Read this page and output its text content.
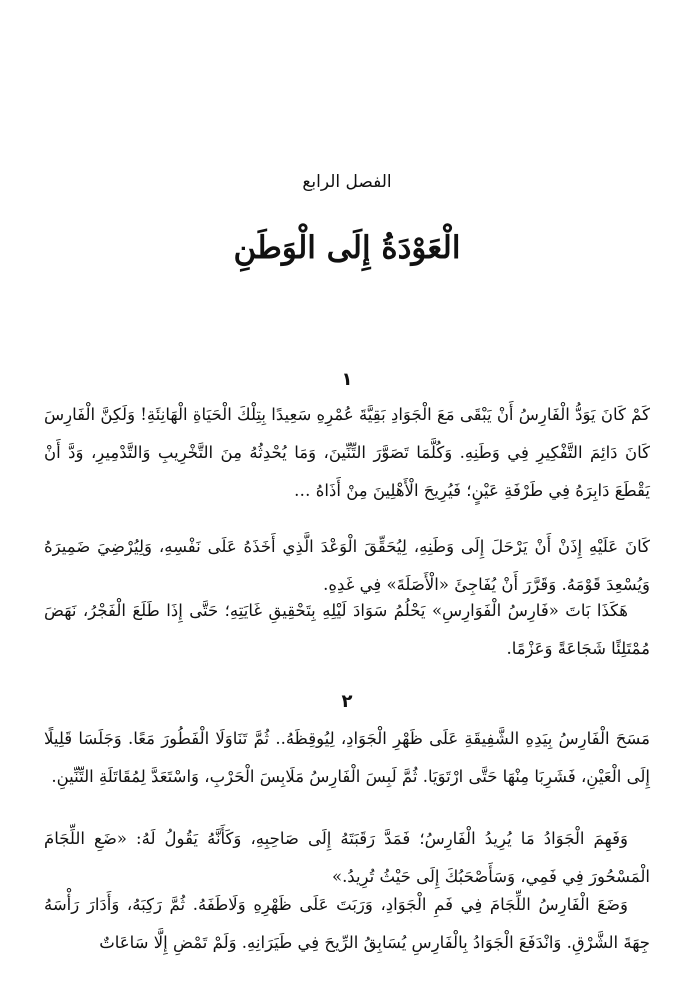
الفصل الرابع
الْعَوْدَةُ إِلَى الْوَطَنِ
١

كَمْ كَانَ يَوَدُّ الْفَارِسُ أَنْ يَبْقَى مَعَ الْجَوَادِ بَقِيَّةَ عُمْرِهِ سَعِيدًا بِتِلْكَ الْحَيَاةِ الْهَانِئَةِ! وَلَكِنَّ الْفَارِسَ كَانَ دَائِمَ التَّفْكِيرِ فِي وَطَنِهِ. وَكُلَّمَا تَصَوَّرَ التِّنِّينَ، وَمَا يُحْدِثُهُ مِنَ التَّخْرِيبِ وَالتَّدْمِيرِ، وَدَّ أَنْ يَقْطَعَ دَابِرَهُ فِي طَرْفَةِ عَيْنٍ؛ فَيُرِيحَ الْأَهْلِينَ مِنْ أَذَاهُ …

كَانَ عَلَيْهِ إِذَنْ أَنْ يَرْحَلَ إِلَى وَطَنِهِ، لِيُحَقِّقَ الْوَعْدَ الَّذِي أَخَذَهُ عَلَى نَفْسِهِ، وَلِيُرْضِيَ ضَمِيرَهُ وَيُسْعِدَ قَوْمَهُ. وَقَرَّرَ أَنْ يُفَاجِئَ «الْأَصَلَةَ» فِي غَدِهِ.

هَكَذَا بَاتَ «فَارِسُ الْفَوَارِسِ» يَحْلُمُ سَوَادَ لَيْلِهِ بِتَحْقِيقِ غَايَتِهِ؛ حَتَّى إِذَا طَلَعَ الْفَجْرُ، نَهَضَ مُمْتَلِئًا شَجَاعَةً وَعَزْمًا.

٢

مَسَحَ الْفَارِسُ بِيَدِهِ الشَّفِيقَةِ عَلَى ظَهْرِ الْجَوَادِ، لِيُوقِظَهُ.. ثُمَّ تَنَاوَلَا الْفَطُورَ مَعًا. وَجَلَسَا قَلِيلًا إِلَى الْعَيْنِ، فَشَرِبَا مِنْهَا حَتَّى ارْتَوَيَا. ثُمَّ لَبِسَ الْفَارِسُ مَلَابِسَ الْحَرْبِ، وَاسْتَعَدَّ لِمُقَاتَلَةِ التِّنِّينِ.

وَفَهِمَ الْجَوَادُ مَا يُرِيدُ الْفَارِسُ؛ فَمَدَّ رَقَبَتَهُ إِلَى صَاحِبِهِ، وَكَأَنَّهُ يَقُولُ لَهُ: «ضَعِ اللِّجَامَ الْمَسْحُورَ فِي فَمِي، وَسَأَصْحَبُكَ إِلَى حَيْثُ تُرِيدُ.»

وَضَعَ الْفَارِسُ اللِّجَامَ فِي فَمِ الْجَوَادِ، وَرَبَتَ عَلَى ظَهْرِهِ وَلَاطَفَهُ. ثُمَّ رَكِبَهُ، وَأَدَارَ رَأْسَهُ جِهَةَ الشَّرْقِ. وَانْدَفَعَ الْجَوَادُ بِالْفَارِسِ يُسَابِقُ الرِّيحَ فِي طَيَرَانِهِ. وَلَمْ تَمْضِ إِلَّا سَاعَاتٌ
